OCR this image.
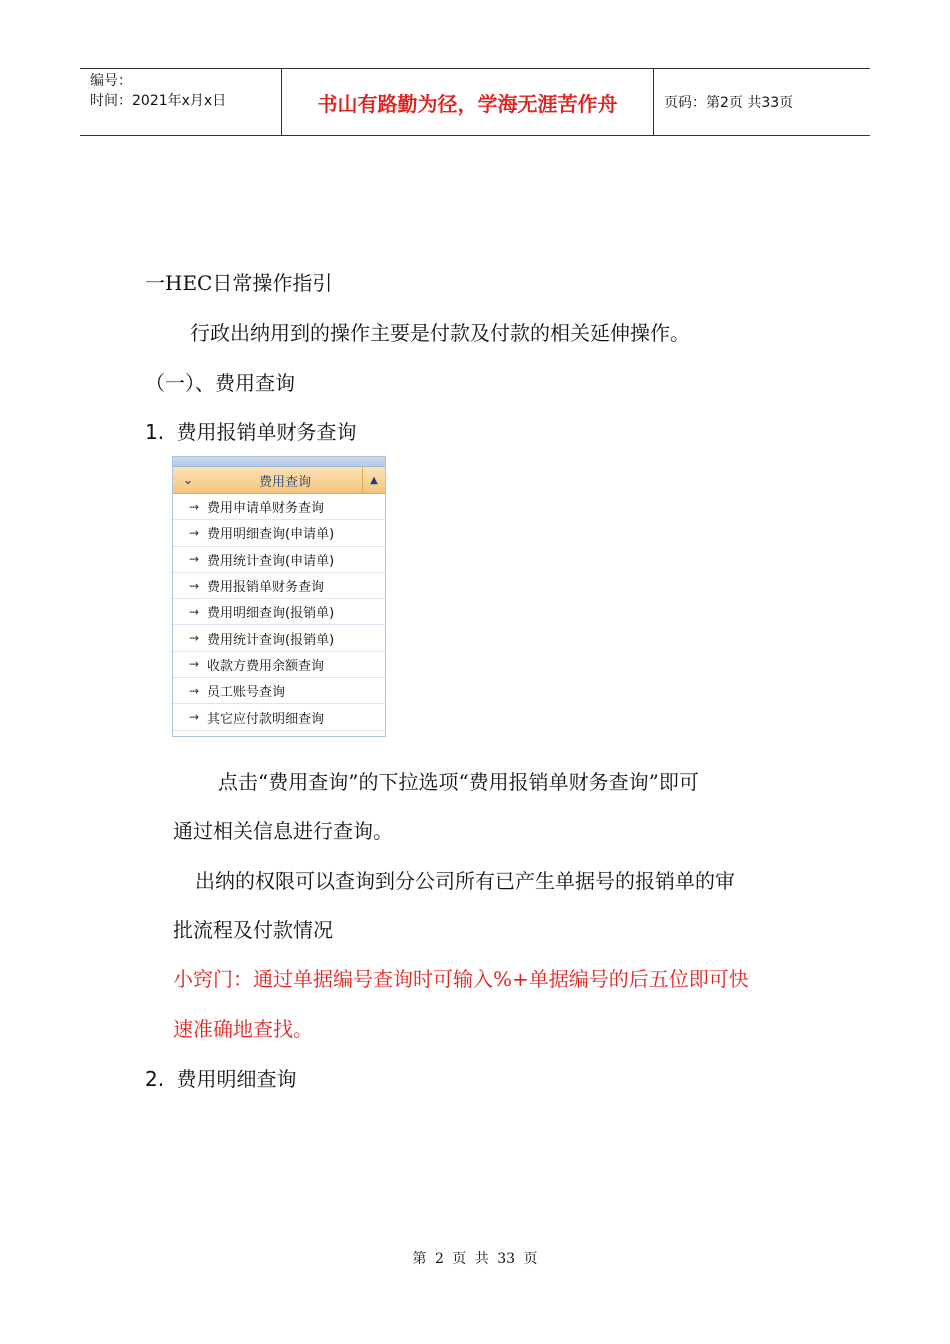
编号：
时间：2021年x月x日	书山有路勤为径，学海无涯苦作舟	页码：第2页 共33页
一HEC日常操作指引
行政出纳用到的操作主要是付款及付款的相关延伸操作。
（一）、费用查询
1. 费用报销单财务查询
⌄	费用查询	▲
→ 费用申请单财务查询
→ 费用明细查询(申请单)
→ 费用统计查询(申请单)
→ 费用报销单财务查询
→ 费用明细查询(报销单)
→ 费用统计查询(报销单)
→ 收款方费用余额查询
→ 员工账号查询
→ 其它应付款明细查询
点击“费用查询”的下拉选项“费用报销单财务查询”即可
通过相关信息进行查询。
出纳的权限可以查询到分公司所有已产生单据号的报销单的审
批流程及付款情况
小窍门：通过单据编号查询时可输入%+单据编号的后五位即可快
速准确地查找。
2. 费用明细查询
第 2 页 共 33 页
